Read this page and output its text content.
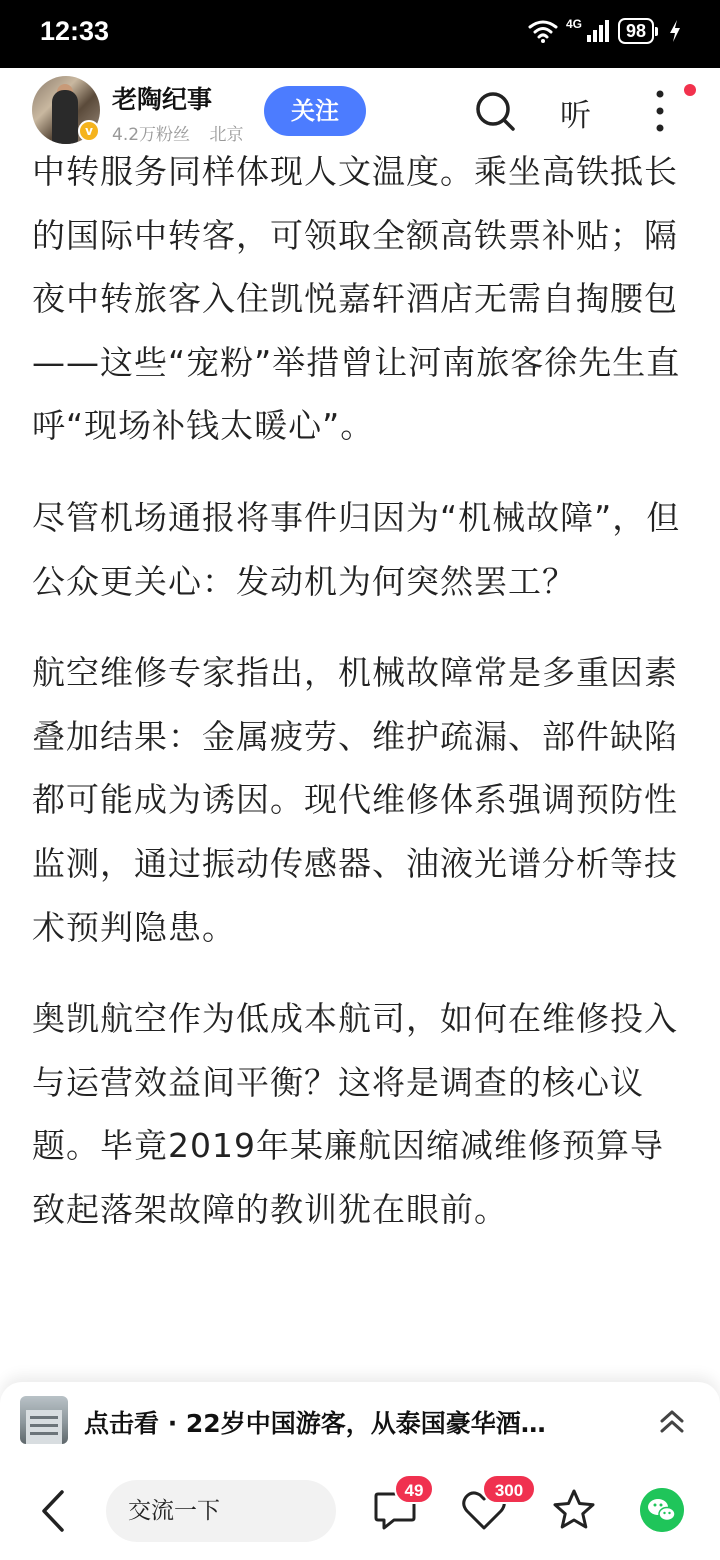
中转服务同样体现人文温度。乘坐高铁抵长的国际中转客，可领取全额高铁票补贴；隔夜中转旅客入住凯悦嘉轩酒店无需自掏腰包——这些“宠粉”举措曾让河南旅客徐先生直呼“现场补钱太暖心”。

尽管机场通报将事件归因为“机械故障”，但公众更关心：发动机为何突然罢工？

航空维修专家指出，机械故障常是多重因素叠加结果：金属疲劳、维护疏漏、部件缺陷都可能成为诱因。现代维修体系强调预防性监测，通过振动传感器、油液光谱分析等技术预判隐患。

奥凯航空作为低成本航司，如何在维修投入与运营效益间平衡？这将是调查的核心议题。毕竟2019年某廉航因缩减维修预算导致起落架故障的教训犹在眼前。

12:33	4G	98
v
老陶纪事
4.2万粉丝 北京
关注	听
点击看 · 22岁中国游客，从泰国豪华酒…
交流一下
49	300
